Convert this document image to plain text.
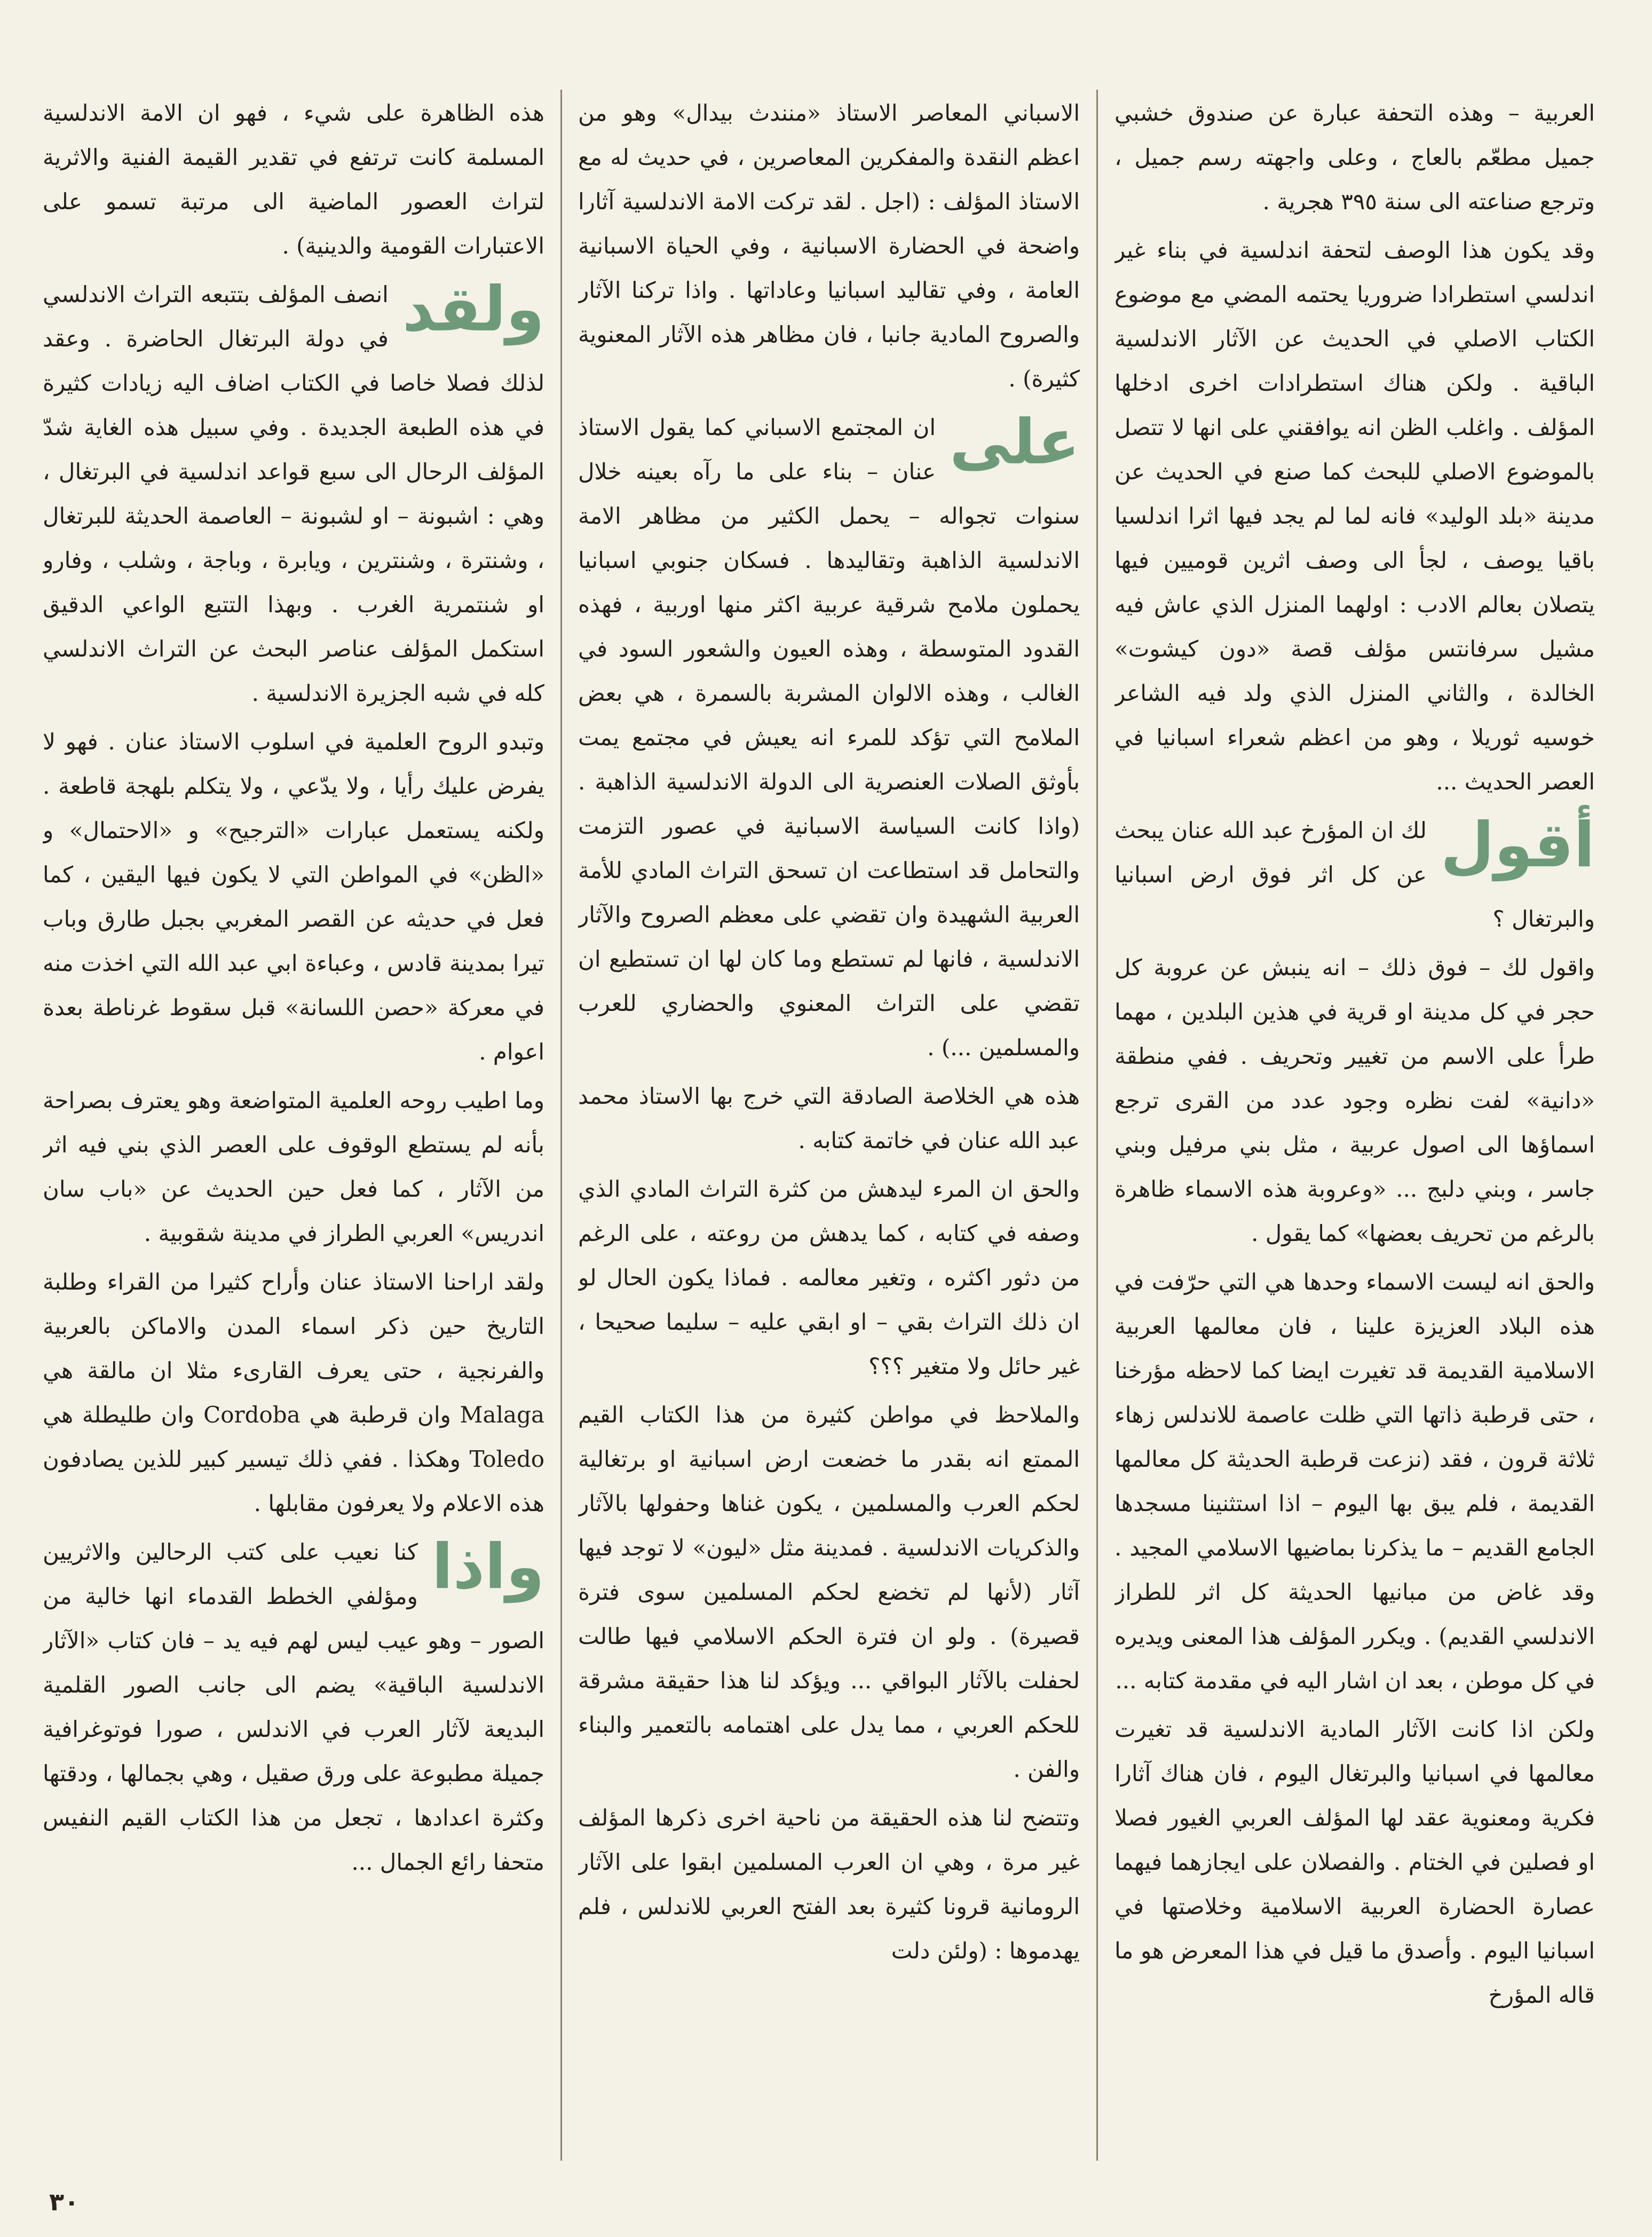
العربية – وهذه التحفة عبارة عن صندوق خشبي جميل مطعّم بالعاج ، وعلى واجهته رسم جميل ، وترجع صناعته الى سنة ٣٩٥ هجرية .

وقد يكون هذا الوصف لتحفة اندلسية في بناء غير اندلسي استطرادا ضروريا يحتمه المضي مع موضوع الكتاب الاصلي في الحديث عن الآثار الاندلسية الباقية . ولكن هناك استطرادات اخرى ادخلها المؤلف . واغلب الظن انه يوافقني على انها لا تتصل بالموضوع الاصلي للبحث كما صنع في الحديث عن مدينة «بلد الوليد» فانه لما لم يجد فيها اثرا اندلسيا باقيا يوصف ، لجأ الى وصف اثرين قوميين فيها يتصلان بعالم الادب : اولهما المنزل الذي عاش فيه مشيل سرفانتس مؤلف قصة «دون كيشوت» الخالدة ، والثاني المنزل الذي ولد فيه الشاعر خوسيه ثوريلا ، وهو من اعظم شعراء اسبانيا في العصر الحديث ...

أقول
لك ان المؤرخ عبد الله عنان يبحث عن كل اثر فوق ارض اسبانيا والبرتغال ؟

واقول لك – فوق ذلك – انه ينبش عن عروبة كل حجر في كل مدينة او قرية في هذين البلدين ، مهما طرأ على الاسم من تغيير وتحريف . ففي منطقة «دانية» لفت نظره وجود عدد من القرى ترجع اسماؤها الى اصول عربية ، مثل بني مرفيل وبني جاسر ، وبني دلبج ... «وعروبة هذه الاسماء ظاهرة بالرغم من تحريف بعضها» كما يقول .

والحق انه ليست الاسماء وحدها هي التي حرّفت في هذه البلاد العزيزة علينا ، فان معالمها العربية الاسلامية القديمة قد تغيرت ايضا كما لاحظه مؤرخنا ، حتى قرطبة ذاتها التي ظلت عاصمة للاندلس زهاء ثلاثة قرون ، فقد (نزعت قرطبة الحديثة كل معالمها القديمة ، فلم يبق بها اليوم – اذا استثنينا مسجدها الجامع القديم – ما يذكرنا بماضيها الاسلامي المجيد . وقد غاض من مبانيها الحديثة كل اثر للطراز الاندلسي القديم) . ويكرر المؤلف هذا المعنى ويديره في كل موطن ، بعد ان اشار اليه في مقدمة كتابه ...

ولكن اذا كانت الآثار المادية الاندلسية قد تغيرت معالمها في اسبانيا والبرتغال اليوم ، فان هناك آثارا فكرية ومعنوية عقد لها المؤلف العربي الغيور فصلا او فصلين في الختام . والفصلان على ايجازهما فيهما عصارة الحضارة العربية الاسلامية وخلاصتها في اسبانيا اليوم . وأصدق ما قيل في هذا المعرض هو ما قاله المؤرخ

الاسباني المعاصر الاستاذ «منندث بيدال» وهو من اعظم النقدة والمفكرين المعاصرين ، في حديث له مع الاستاذ المؤلف : (اجل . لقد تركت الامة الاندلسية آثارا واضحة في الحضارة الاسبانية ، وفي الحياة الاسبانية العامة ، وفي تقاليد اسبانيا وعاداتها . واذا تركنا الآثار والصروح المادية جانبا ، فان مظاهر هذه الآثار المعنوية كثيرة) .

على
ان المجتمع الاسباني كما يقول الاستاذ عنان – بناء على ما رآه بعينه خلال سنوات تجواله – يحمل الكثير من مظاهر الامة الاندلسية الذاهبة وتقاليدها . فسكان جنوبي اسبانيا يحملون ملامح شرقية عربية اكثر منها اوربية ، فهذه القدود المتوسطة ، وهذه العيون والشعور السود في الغالب ، وهذه الالوان المشربة بالسمرة ، هي بعض الملامح التي تؤكد للمرء انه يعيش في مجتمع يمت بأوثق الصلات العنصرية الى الدولة الاندلسية الذاهبة . (واذا كانت السياسة الاسبانية في عصور التزمت والتحامل قد استطاعت ان تسحق التراث المادي للأمة العربية الشهيدة وان تقضي على معظم الصروح والآثار الاندلسية ، فانها لم تستطع وما كان لها ان تستطيع ان تقضي على التراث المعنوي والحضاري للعرب والمسلمين ...) .

هذه هي الخلاصة الصادقة التي خرج بها الاستاذ محمد عبد الله عنان في خاتمة كتابه .

والحق ان المرء ليدهش من كثرة التراث المادي الذي وصفه في كتابه ، كما يدهش من روعته ، على الرغم من دثور اكثره ، وتغير معالمه . فماذا يكون الحال لو ان ذلك التراث بقي – او ابقي عليه – سليما صحيحا ، غير حائل ولا متغير ؟؟؟

والملاحظ في مواطن كثيرة من هذا الكتاب القيم الممتع انه بقدر ما خضعت ارض اسبانية او برتغالية لحكم العرب والمسلمين ، يكون غناها وحفولها بالآثار والذكريات الاندلسية . فمدينة مثل «ليون» لا توجد فيها آثار (لأنها لم تخضع لحكم المسلمين سوى فترة قصيرة) . ولو ان فترة الحكم الاسلامي فيها طالت لحفلت بالآثار البواقي ... ويؤكد لنا هذا حقيقة مشرقة للحكم العربي ، مما يدل على اهتمامه بالتعمير والبناء والفن .

وتتضح لنا هذه الحقيقة من ناحية اخرى ذكرها المؤلف غير مرة ، وهي ان العرب المسلمين ابقوا على الآثار الرومانية قرونا كثيرة بعد الفتح العربي للاندلس ، فلم يهدموها : (ولئن دلت

هذه الظاهرة على شيء ، فهو ان الامة الاندلسية المسلمة كانت ترتفع في تقدير القيمة الفنية والاثرية لتراث العصور الماضية الى مرتبة تسمو على الاعتبارات القومية والدينية) .

ولقد
انصف المؤلف بتتبعه التراث الاندلسي في دولة البرتغال الحاضرة . وعقد لذلك فصلا خاصا في الكتاب اضاف اليه زيادات كثيرة في هذه الطبعة الجديدة . وفي سبيل هذه الغاية شدّ المؤلف الرحال الى سبع قواعد اندلسية في البرتغال ، وهي : اشبونة – او لشبونة – العاصمة الحديثة للبرتغال ، وشنترة ، وشنترين ، ويابرة ، وباجة ، وشلب ، وفارو او شنتمرية الغرب . وبهذا التتبع الواعي الدقيق استكمل المؤلف عناصر البحث عن التراث الاندلسي كله في شبه الجزيرة الاندلسية .

وتبدو الروح العلمية في اسلوب الاستاذ عنان . فهو لا يفرض عليك رأيا ، ولا يدّعي ، ولا يتكلم بلهجة قاطعة . ولكنه يستعمل عبارات «الترجيح» و «الاحتمال» و «الظن» في المواطن التي لا يكون فيها اليقين ، كما فعل في حديثه عن القصر المغربي بجبل طارق وباب تيرا بمدينة قادس ، وعباءة ابي عبد الله التي اخذت منه في معركة «حصن اللسانة» قبل سقوط غرناطة بعدة اعوام .

وما اطيب روحه العلمية المتواضعة وهو يعترف بصراحة بأنه لم يستطع الوقوف على العصر الذي بني فيه اثر من الآثار ، كما فعل حين الحديث عن «باب سان اندريس» العربي الطراز في مدينة شقوبية .

ولقد اراحنا الاستاذ عنان وأراح كثيرا من القراء وطلبة التاريخ حين ذكر اسماء المدن والاماكن بالعربية والفرنجية ، حتى يعرف القارىء مثلا ان مالقة هي Malaga وان قرطبة هي Cordoba وان طليطلة هي Toledo وهكذا . ففي ذلك تيسير كبير للذين يصادفون هذه الاعلام ولا يعرفون مقابلها .

واذا
كنا نعيب على كتب الرحالين والاثريين ومؤلفي الخطط القدماء انها خالية من الصور – وهو عيب ليس لهم فيه يد – فان كتاب «الآثار الاندلسية الباقية» يضم الى جانب الصور القلمية البديعة لآثار العرب في الاندلس ، صورا فوتوغرافية جميلة مطبوعة على ورق صقيل ، وهي بجمالها ، ودقتها وكثرة اعدادها ، تجعل من هذا الكتاب القيم النفيس متحفا رائع الجمال ...

٣٠
